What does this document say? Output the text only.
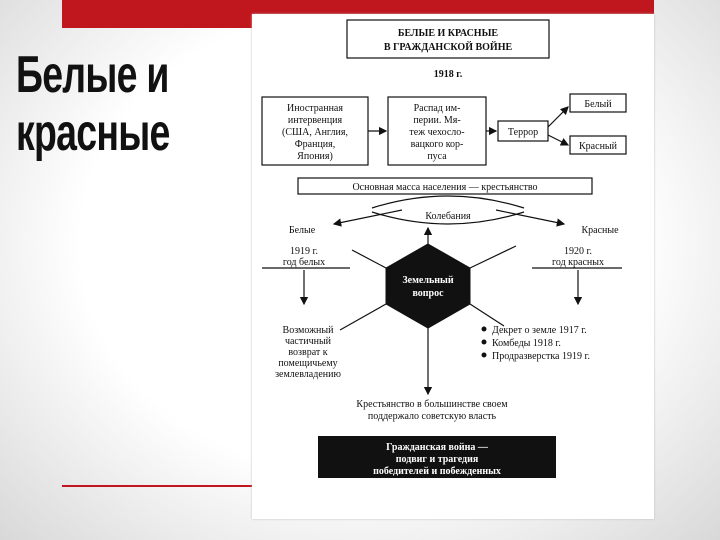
Белые и
красные
БЕЛЫЕ И КРАСНЫЕ
В ГРАЖДАНСКОЙ ВОЙНЕ
1918 г.
Иностранная
интервенция
(США, Англия,
Франция,
Япония)
Распад им-
перии. Мя-
теж чехосло-
вацкого кор-
пуса
Террор
Белый
Красный
Основная масса населения — крестьянство
Колебания
Белые	Красные
1919 г.
год белых
1920 г.
год красных
Земельный
вопрос
Возможный
частичный
возврат к
помещичьему
землевладению
Декрет о земле 1917 г.
Комбеды 1918 г.
Продразверстка 1919 г.
Крестьянство в большинстве своем
поддержало советскую власть
Гражданская война —
подвиг и трагедия
победителей и побежденных
